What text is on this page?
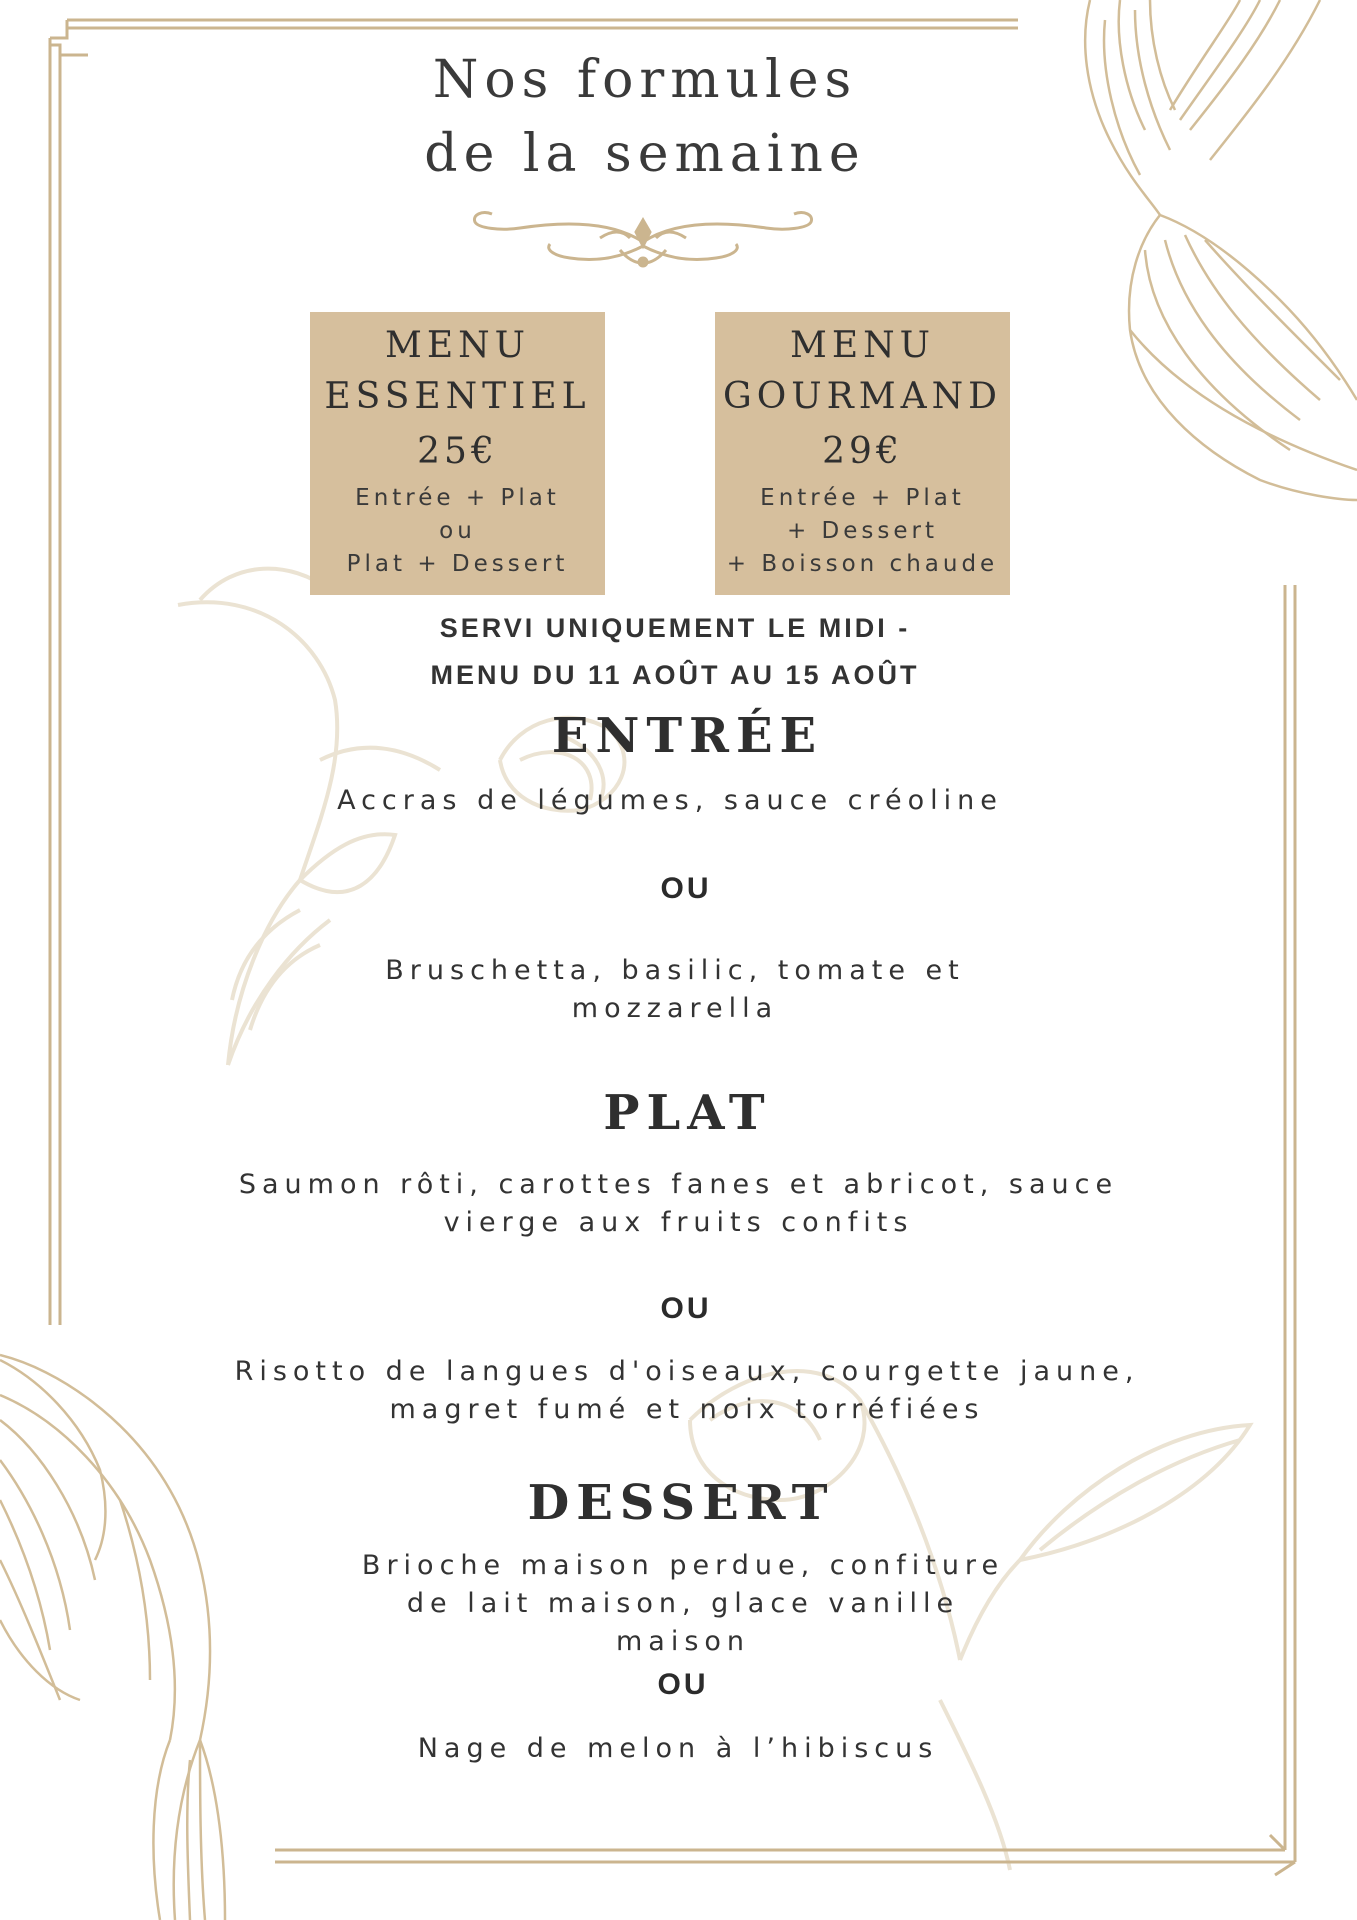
Nos formules
de la semaine
MENU
ESSENTIEL
25€
Entrée + Plat
ou
Plat + Dessert
MENU
GOURMAND
29€
Entrée + Plat
+ Dessert
+ Boisson chaude
SERVI UNIQUEMENT LE MIDI -
MENU DU 11 AOÛT AU 15 AOÛT
ENTRÉE
Accras de légumes, sauce créoline
OU
Bruschetta, basilic, tomate et
mozzarella
PLAT
Saumon rôti, carottes fanes et abricot, sauce
vierge aux fruits confits
OU
Risotto de langues d'oiseaux, courgette jaune,
magret fumé et noix torréfiées
DESSERT
Brioche maison perdue, confiture
de lait maison, glace vanille
maison
OU
Nage de melon à l’hibiscus
